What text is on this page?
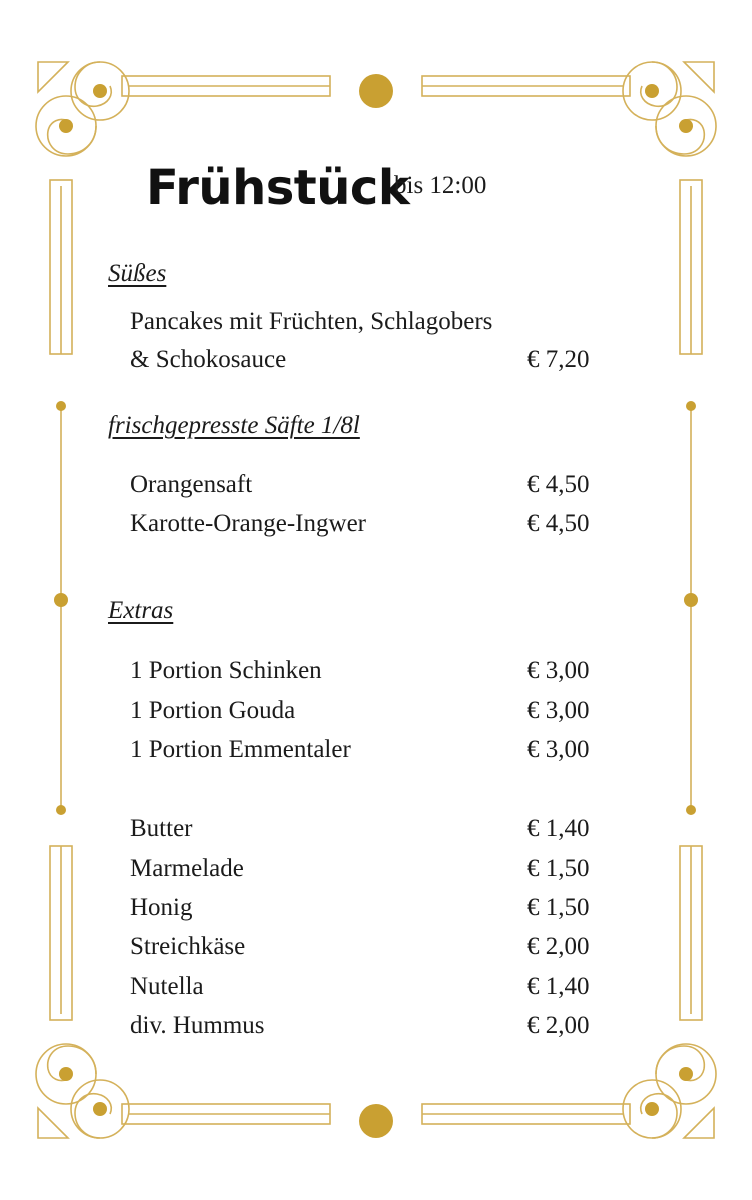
Frühstück
bis 12:00
Süßes
Pancakes mit Früchten, Schlagobers
& Schokosauce	€ 7,20
frischgepresste Säfte 1/8l
Orangensaft	€ 4,50
Karotte-Orange-Ingwer	€ 4,50
Extras
1 Portion Schinken	€ 3,00
1 Portion Gouda	€ 3,00
1 Portion Emmentaler	€ 3,00
Butter	€ 1,40
Marmelade	€ 1,50
Honig	€ 1,50
Streichkäse	€ 2,00
Nutella	€ 1,40
div. Hummus	€ 2,00
